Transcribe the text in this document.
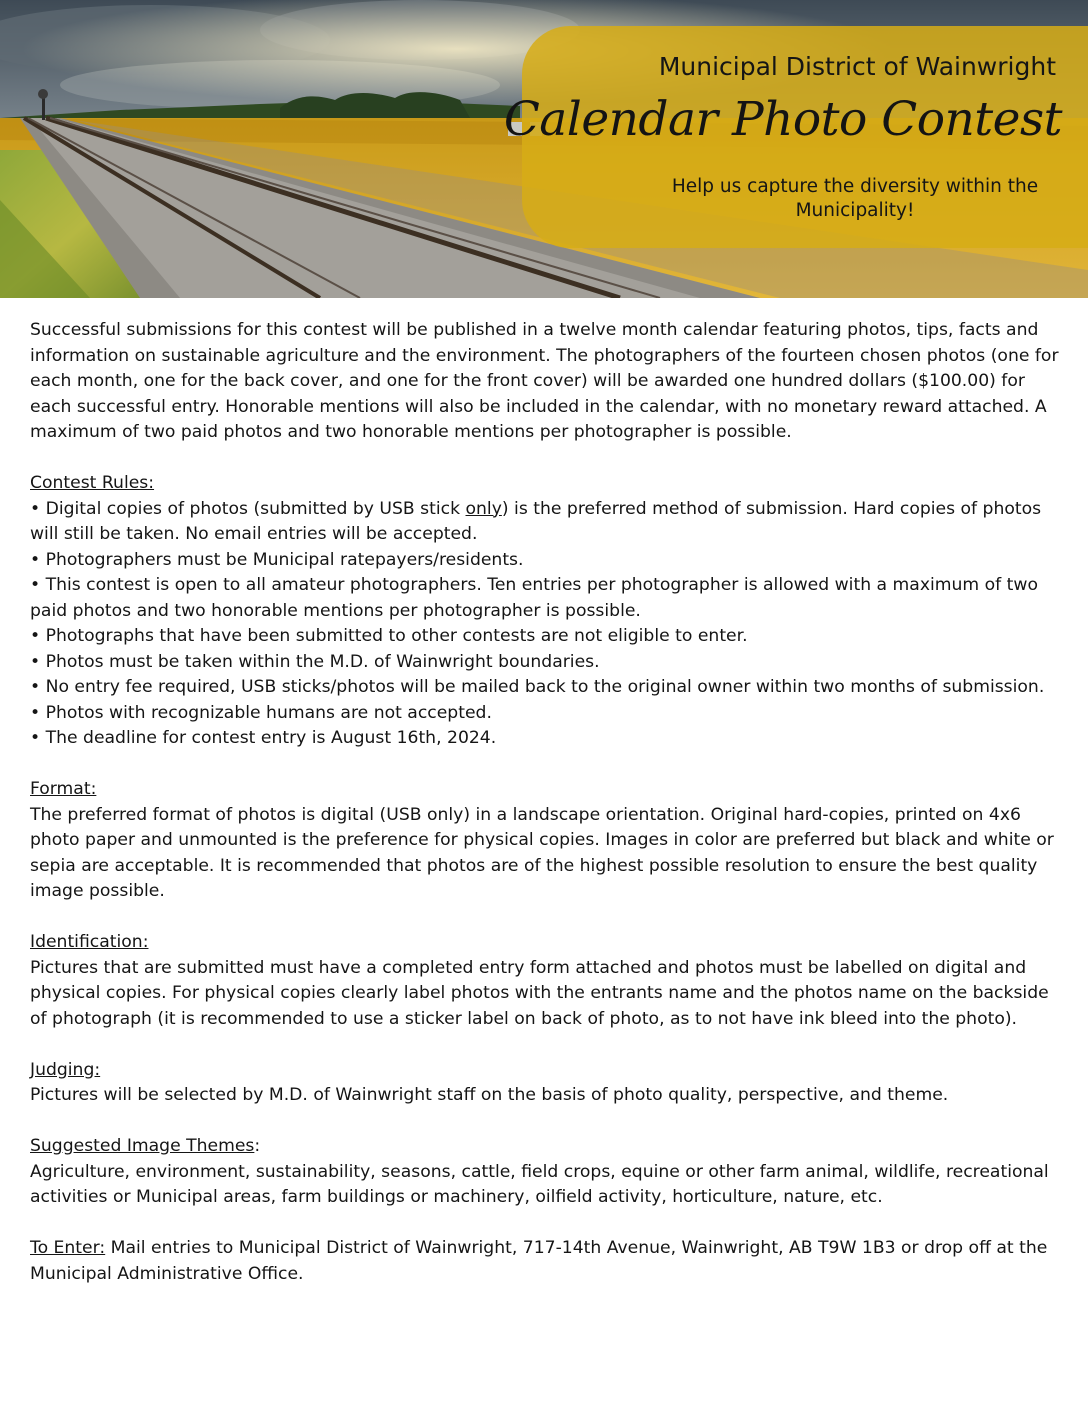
Municipal District of Wainwright
Calendar Photo Contest

Help us capture the diversity within the Municipality!

Successful submissions for this contest will be published in a twelve month calendar featuring photos, tips, facts and information on sustainable agriculture and the environment. The photographers of the fourteen chosen photos (one for each month, one for the back cover, and one for the front cover) will be awarded one hundred dollars ($100.00) for each successful entry. Honorable mentions will also be included in the calendar, with no monetary reward attached. A maximum of two paid photos and two honorable mentions per photographer is possible.

Contest Rules:

• Digital copies of photos (submitted by USB stick only) is the preferred method of submission. Hard copies of photos will still be taken. No email entries will be accepted.

• Photographers must be Municipal ratepayers/residents.

• This contest is open to all amateur photographers. Ten entries per photographer is allowed with a maximum of two paid photos and two honorable mentions per photographer is possible.

• Photographs that have been submitted to other contests are not eligible to enter.

• Photos must be taken within the M.D. of Wainwright boundaries.

• No entry fee required, USB sticks/photos will be mailed back to the original owner within two months of submission.

• Photos with recognizable humans are not accepted.

• The deadline for contest entry is August 16th, 2024.

Format:

The preferred format of photos is digital (USB only) in a landscape orientation. Original hard-copies, printed on 4x6 photo paper and unmounted is the preference for physical copies. Images in color are preferred but black and white or sepia are acceptable. It is recommended that photos are of the highest possible resolution to ensure the best quality image possible.

Identification:

Pictures that are submitted must have a completed entry form attached and photos must be labelled on digital and physical copies. For physical copies clearly label photos with the entrants name and the photos name on the backside of photograph (it is recommended to use a sticker label on back of photo, as to not have ink bleed into the photo).

Judging:

Pictures will be selected by M.D. of Wainwright staff on the basis of photo quality, perspective, and theme.

Suggested Image Themes:

Agriculture, environment, sustainability, seasons, cattle, field crops, equine or other farm animal, wildlife, recreational activities or Municipal areas, farm buildings or machinery, oilfield activity, horticulture, nature, etc.

To Enter: Mail entries to Municipal District of Wainwright, 717-14th Avenue, Wainwright, AB T9W 1B3 or drop off at the Municipal Administrative Office.
